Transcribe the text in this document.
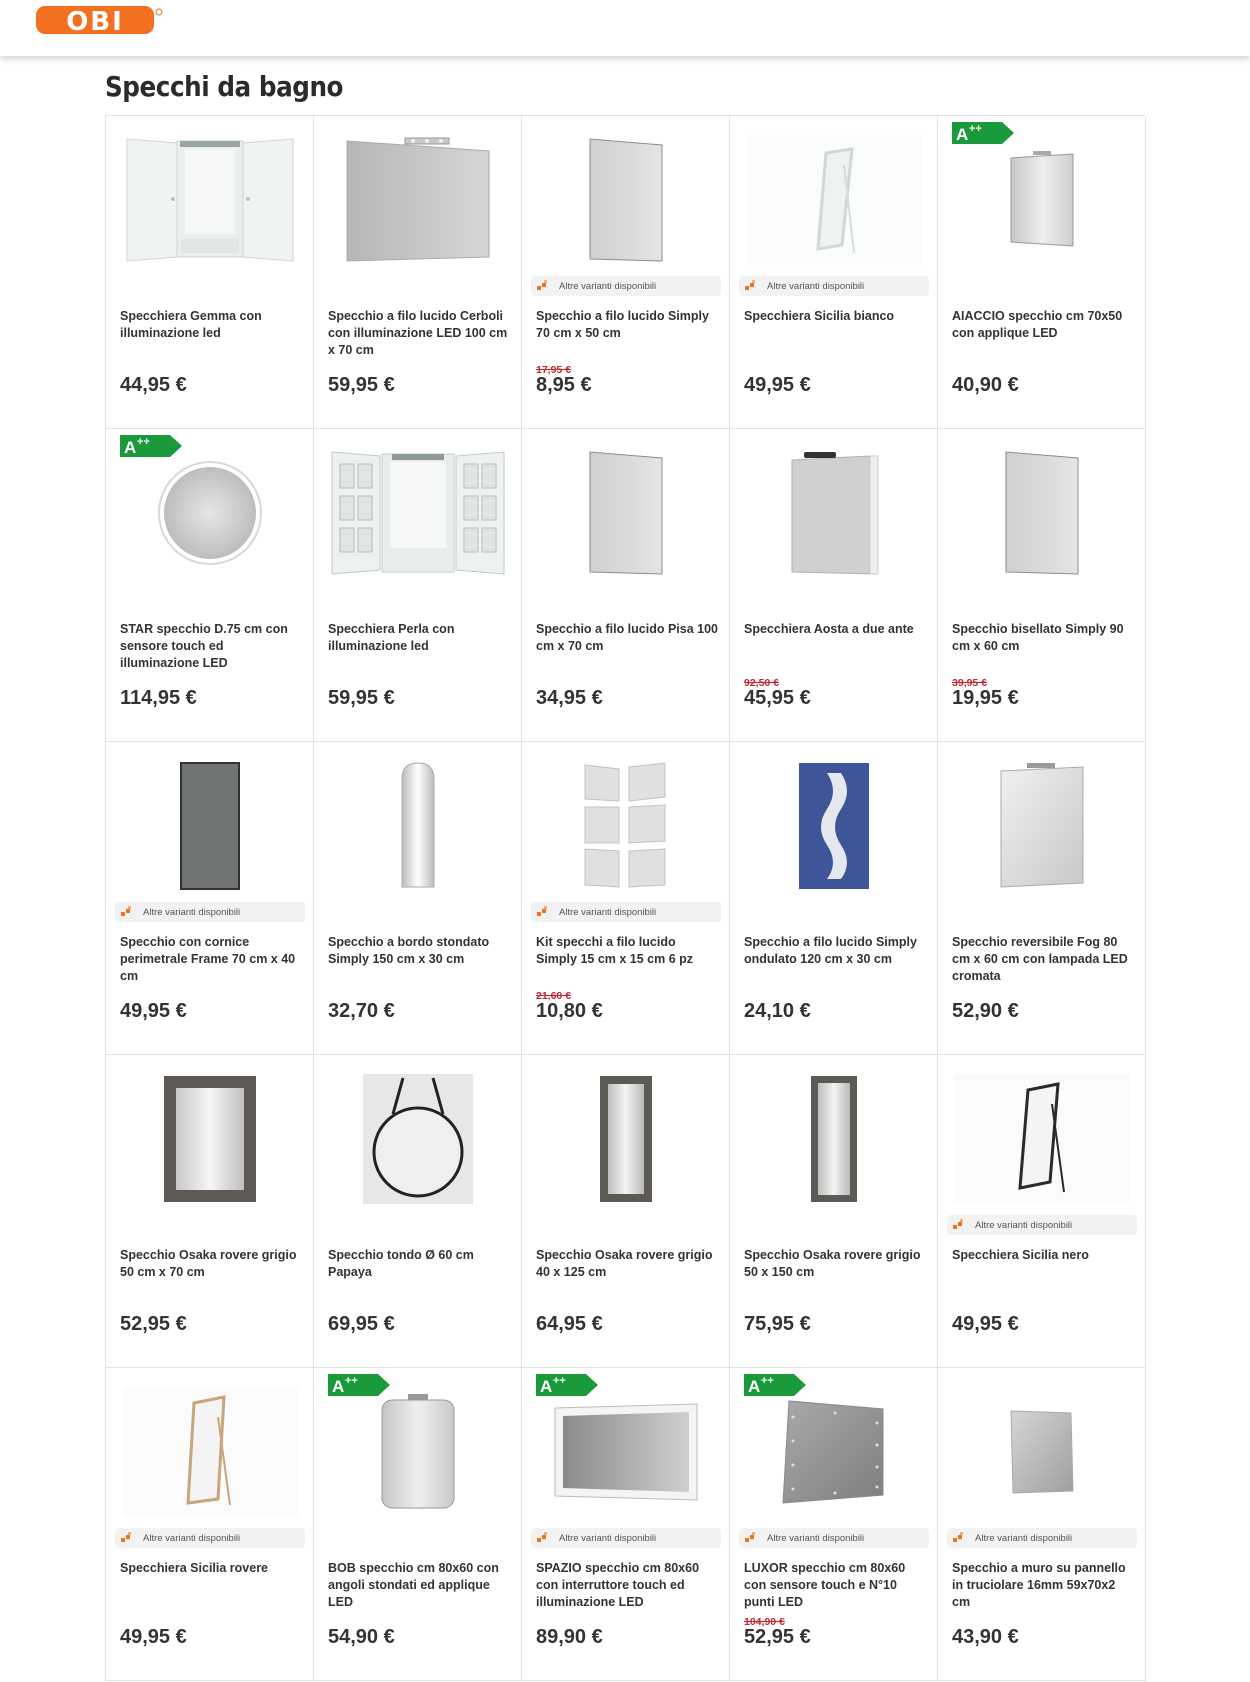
OBI
Specchi da bagno
Specchiera Gemma con illuminazione led
44,95 €
Specchio a filo lucido Cerboli con illuminazione LED 100 cm x 70 cm
59,95 €
Altre varianti disponibili
Specchio a filo lucido Simply 70 cm x 50 cm
17,95 €
8,95 €
Altre varianti disponibili
Specchiera Sicilia bianco
49,95 €
A ++
AIACCIO specchio cm 70x50 con applique LED
40,90 €
A ++
STAR specchio D.75 cm con sensore touch ed illuminazione LED
114,95 €
Specchiera Perla con illuminazione led
59,95 €
Specchio a filo lucido Pisa 100 cm x 70 cm
34,95 €
Specchiera Aosta a due ante
92,50 €
45,95 €
Specchio bisellato Simply 90 cm x 60 cm
39,95 €
19,95 €
Altre varianti disponibili
Specchio con cornice perimetrale Frame 70 cm x 40 cm
49,95 €
Specchio a bordo stondato Simply 150 cm x 30 cm
32,70 €
Altre varianti disponibili
Kit specchi a filo lucido Simply 15 cm x 15 cm 6 pz
21,60 €
10,80 €
Specchio a filo lucido Simply ondulato 120 cm x 30 cm
24,10 €
Specchio reversibile Fog 80 cm x 60 cm con lampada LED cromata
52,90 €
Specchio Osaka rovere grigio 50 cm x 70 cm
52,95 €
Specchio tondo Ø 60 cm Papaya
69,95 €
Specchio Osaka rovere grigio 40 x 125 cm
64,95 €
Specchio Osaka rovere grigio 50 x 150 cm
75,95 €
Altre varianti disponibili
Specchiera Sicilia nero
49,95 €
Altre varianti disponibili
Specchiera Sicilia rovere
49,95 €
A ++
BOB specchio cm 80x60 con angoli stondati ed applique LED
54,90 €
A ++
Altre varianti disponibili
SPAZIO specchio cm 80x60 con interruttore touch ed illuminazione LED
89,90 €
A ++
Altre varianti disponibili
LUXOR specchio cm 80x60 con sensore touch e N°10 punti LED
104,90 €
52,95 €
Altre varianti disponibili
Specchio a muro su pannello in truciolare 16mm 59x70x2 cm
43,90 €
